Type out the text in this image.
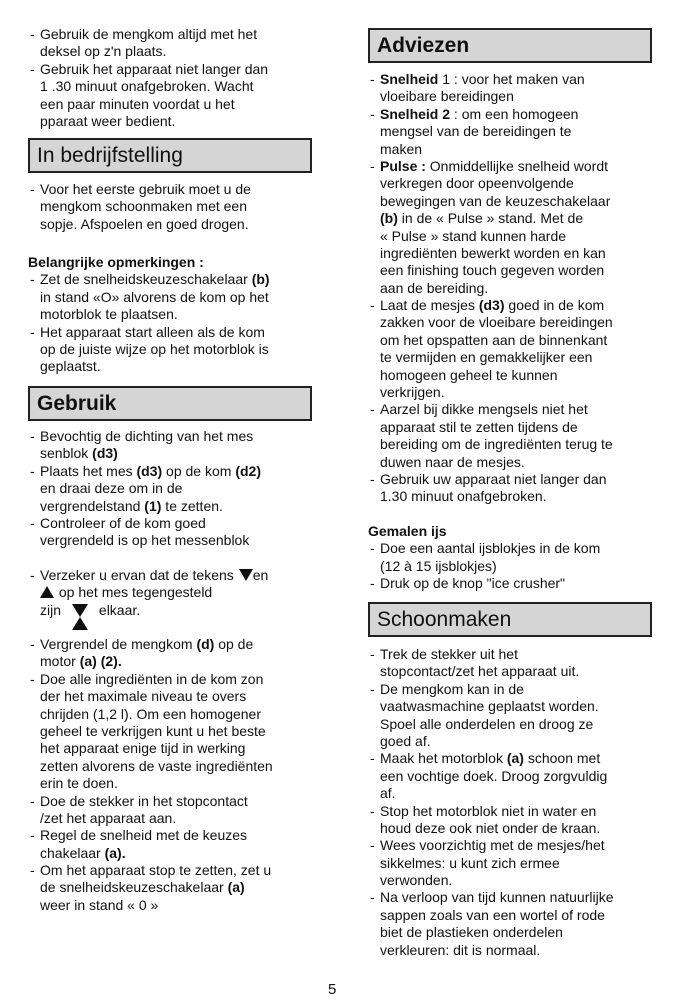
- Gebruik de mengkom altijd met het
deksel op z'n plaats.
- Gebruik het apparaat niet langer dan
1 .30 minuut onafgebroken. Wacht
een paar minuten voordat u het
pparaat weer bedient.
In bedrijfstelling
- Voor het eerste gebruik moet u de
mengkom schoonmaken met een
sopje. Afspoelen en goed drogen.
Belangrijke opmerkingen :
- Zet de snelheidskeuzeschakelaar (b)
in stand «O» alvorens de kom op het
motorblok te plaatsen.
- Het apparaat start alleen als de kom
op de juiste wijze op het motorblok is
geplaatst.
Gebruik
- Bevochtig de dichting van het mes
senblok (d3)
- Plaats het mes (d3) op de kom (d2)
en draai deze om in de
vergrendelstand (1) te zetten.
- Controleer of de kom goed
vergrendeld is op het messenblok
- Verzeker u ervan dat de tekens en
op het mes tegengesteld
zijn elkaar.
- Vergrendel de mengkom (d) op de
motor (a) (2).
- Doe alle ingrediënten in de kom zon
der het maximale niveau te overs
chrijden (1,2 l). Om een homogener
geheel te verkrijgen kunt u het beste
het apparaat enige tijd in werking
zetten alvorens de vaste ingrediënten
erin te doen.
- Doe de stekker in het stopcontact
/zet het apparaat aan.
- Regel de snelheid met de keuzes
chakelaar (a).
- Om het apparaat stop te zetten, zet u
de snelheidskeuzeschakelaar (a)
weer in stand « 0 »
Adviezen
- Snelheid 1 : voor het maken van
vloeibare bereidingen
- Snelheid 2 : om een homogeen
mengsel van de bereidingen te
maken
- Pulse : Onmiddellijke snelheid wordt
verkregen door opeenvolgende
bewegingen van de keuzeschakelaar
(b) in de « Pulse » stand. Met de
« Pulse » stand kunnen harde
ingrediënten bewerkt worden en kan
een finishing touch gegeven worden
aan de bereiding.
- Laat de mesjes (d3) goed in de kom
zakken voor de vloeibare bereidingen
om het opspatten aan de binnenkant
te vermijden en gemakkelijker een
homogeen geheel te kunnen
verkrijgen.
- Aarzel bij dikke mengsels niet het
apparaat stil te zetten tijdens de
bereiding om de ingrediënten terug te
duwen naar de mesjes.
- Gebruik uw apparaat niet langer dan
1.30 minuut onafgebroken.
Gemalen ijs
- Doe een aantal ijsblokjes in de kom
(12 à 15 ijsblokjes)
- Druk op de knop "ice crusher"
Schoonmaken
- Trek de stekker uit het
stopcontact/zet het apparaat uit.
- De mengkom kan in de
vaatwasmachine geplaatst worden.
Spoel alle onderdelen en droog ze
goed af.
- Maak het motorblok (a) schoon met
een vochtige doek. Droog zorgvuldig
af.
- Stop het motorblok niet in water en
houd deze ook niet onder de kraan.
- Wees voorzichtig met de mesjes/het
sikkelmes: u kunt zich ermee
verwonden.
- Na verloop van tijd kunnen natuurlijke
sappen zoals van een wortel of rode
biet de plastieken onderdelen
verkleuren: dit is normaal.
5
